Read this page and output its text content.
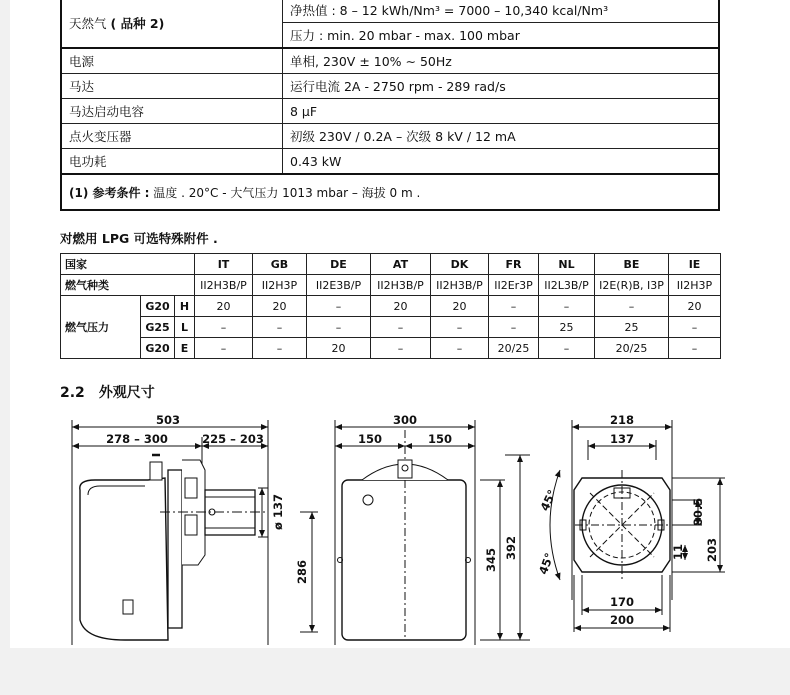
天然气 ( 品种 2)	净热值 : 8 – 12 kWh/Nm³ = 7000 – 10,340 kcal/Nm³
	压力 : min. 20 mbar - max. 100 mbar
电源	单相, 230V ± 10% ∼ 50Hz
马达	运行电流 2A - 2750 rpm - 289 rad/s
马达启动电容	8 µF
点火变压器	初级 230V / 0.2A – 次级 8 kV / 12 mA
电功耗	0.43 kW
(1) 参考条件 : 温度 . 20°C - 大气压力 1013 mbar – 海拔 0 m .	
对燃用 LPG 可选特殊附件 .
国家			IT	GB	DE	AT	DK	FR	NL	BE	IE
燃气种类			II2H3B/P	II2H3P	II2E3B/P	II2H3B/P	II2H3B/P	II2Er3P	II2L3B/P	I2E(R)B, I3P	II2H3P
燃气压力	G20	H	20	20	–	20	20	–	–	–	20
	G25	L	–	–	–	–	–	–	25	25	–
	G20	E	–	–	20	–	–	20/25	–	20/25	–
2.2 外观尺寸
503
278 – 300	225 – 203
ø 137
286
300
150	150
345 392
218
137
45°
45°
80.5
11 203
170
200
